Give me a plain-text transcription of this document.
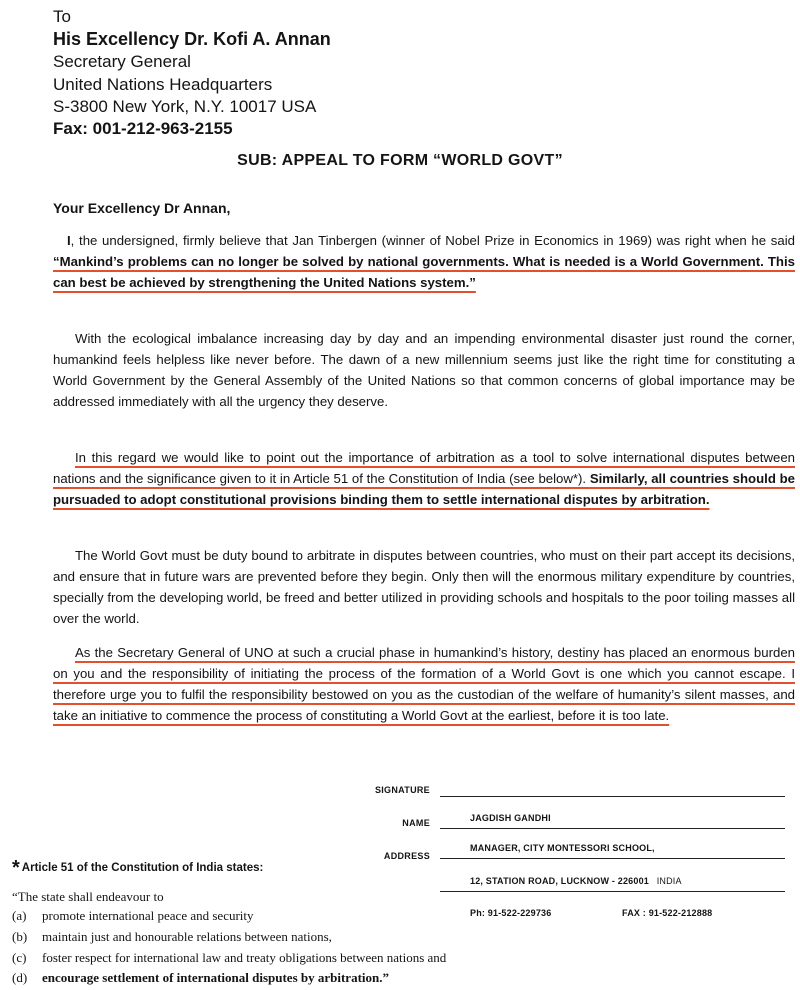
To
His Excellency Dr. Kofi A. Annan
Secretary General
United Nations Headquarters
S-3800 New York, N.Y. 10017 USA
Fax: 001-212-963-2155
SUB: APPEAL TO FORM “WORLD GOVT”
Your Excellency Dr Annan,
I, the undersigned, firmly believe that Jan Tinbergen (winner of Nobel Prize in Economics in 1969) was right when he said “Mankind’s problems can no longer be solved by national governments. What is needed is a World Government. This can best be achieved by strengthening the United Nations system.”
With the ecological imbalance increasing day by day and an impending environmental disaster just round the corner, humankind feels helpless like never before. The dawn of a new millennium seems just like the right time for constituting a World Government by the General Assembly of the United Nations so that common concerns of global importance may be addressed immediately with all the urgency they deserve.
In this regard we would like to point out the importance of arbitration as a tool to solve international disputes between nations and the significance given to it in Article 51 of the Constitution of India (see below*). Similarly, all countries should be pursuaded to adopt constitutional provisions binding them to settle international disputes by arbitration.
The World Govt must be duty bound to arbitrate in disputes between countries, who must on their part accept its decisions, and ensure that in future wars are prevented before they begin. Only then will the enormous military expenditure by countries, specially from the developing world, be freed and better utilized in providing schools and hospitals to the poor toiling masses all over the world.
As the Secretary General of UNO at such a crucial phase in humankind’s history, destiny has placed an enormous burden on you and the responsibility of initiating the process of the formation of a World Govt is one which you cannot escape. I therefore urge you to fulfil the responsibility bestowed on you as the custodian of the welfare of humanity’s silent masses, and take an initiative to commence the process of constituting a World Govt at the earliest, before it is too late.
SIGNATURE
NAME	JAGDISH GANDHI
ADDRESS
MANAGER, CITY MONTESSORI SCHOOL,
12, STATION ROAD, LUCKNOW - 226001 INDIA
Ph: 91-522-229736	FAX : 91-522-212888
* Article 51 of the Constitution of India states:
“The state shall endeavour to
(a) promote international peace and security
(b) maintain just and honourable relations between nations,
(c) foster respect for international law and treaty obligations between nations and
(d) encourage settlement of international disputes by arbitration.”
